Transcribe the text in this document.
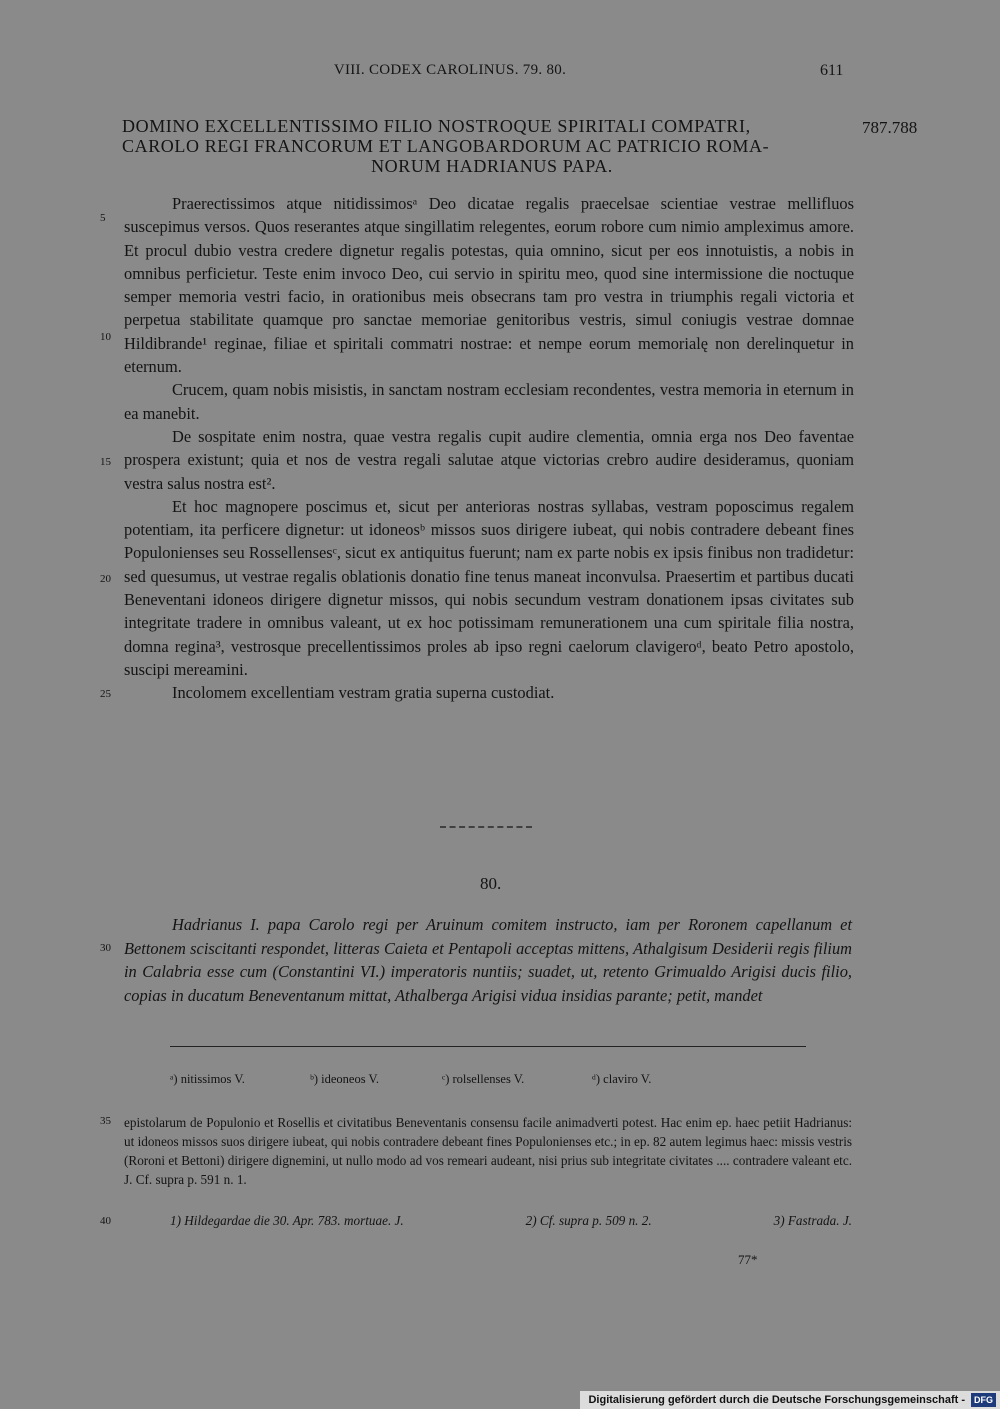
VIII. CODEX CAROLINUS. 79. 80.	611
DOMINO EXCELLENTISSIMO FILIO NOSTROQUE SPIRITALI COMPATRI,
CAROLO REGI FRANCORUM ET LANGOBARDORUM AC PATRICIO ROMA-
NORUM HADRIANUS PAPA.
787.788
5
10
15
20
25
30
35
40

Praerectissimos atque nitidissimosᵃ Deo dicatae regalis praecelsae scientiae vestrae mellifluos suscepimus versos. Quos reserantes atque singillatim relegentes, eorum robore cum nimio ampleximus amore. Et procul dubio vestra credere dignetur regalis potestas, quia omnino, sicut per eos innotuistis, a nobis in omnibus perficietur. Teste enim invoco Deo, cui servio in spiritu meo, quod sine intermissione die noctuque semper memoria vestri facio, in orationibus meis obsecrans tam pro vestra in triumphis regali victoria et perpetua stabilitate quamque pro sanctae memoriae genitoribus vestris, simul coniugis vestrae domnae Hildibrande¹ reginae, filiae et spiritali commatri nostrae: et nempe eorum memorialę non derelinquetur in eternum.

Crucem, quam nobis misistis, in sanctam nostram ecclesiam recondentes, vestra memoria in eternum in ea manebit.

De sospitate enim nostra, quae vestra regalis cupit audire clementia, omnia erga nos Deo faventae prospera existunt; quia et nos de vestra regali salutae atque victorias crebro audire desideramus, quoniam vestra salus nostra est².

Et hoc magnopere poscimus et, sicut per anterioras nostras syllabas, vestram poposcimus regalem potentiam, ita perficere dignetur: ut idoneosᵇ missos suos dirigere iubeat, qui nobis contradere debeant fines Populonienses seu Rossellensesᶜ, sicut ex antiquitus fuerunt; nam ex parte nobis ex ipsis finibus non tradidetur: sed quesumus, ut vestrae regalis oblationis donatio fine tenus maneat inconvulsa. Praesertim et partibus ducati Beneventani idoneos dirigere dignetur missos, qui nobis secundum vestram donationem ipsas civitates sub integritate tradere in omnibus valeant, ut ex hoc potissimam remunerationem una cum spiritale filia nostra, domna regina³, vestrosque precellentissimos proles ab ipso regni caelorum clavigeroᵈ, beato Petro apostolo, suscipi mereamini.

Incolomem excellentiam vestram gratia superna custodiat.

80.

Hadrianus I. papa Carolo regi per Aruinum comitem instructo, iam per Roronem capellanum et Bettonem sciscitanti respondet, litteras Caieta et Pentapoli acceptas mittens, Athalgisum Desiderii regis filium in Calabria esse cum (Constantini VI.) imperatoris nuntiis; suadet, ut, retento Grimualdo Arigisi ducis filio, copias in ducatum Beneventanum mittat, Athalberga Arigisi vidua insidias parante; petit, mandet

ᵃ) nitissimos V.	ᵇ) ideoneos V.	ᶜ) rolsellenses V.	ᵈ) claviro V.

epistolarum de Populonio et Rosellis et civitatibus Beneventanis consensu facile animadverti potest. Hac enim ep. haec petiit Hadrianus: ut idoneos missos suos dirigere iubeat, qui nobis contradere debeant fines Populonienses etc.; in ep. 82 autem legimus haec: missis vestris (Roroni et Bettoni) dirigere dignemini, ut nullo modo ad vos remeari audeant, nisi prius sub integritate civitates .... contradere valeant etc. J. Cf. supra p. 591 n. 1.

1) Hildegardae die 30. Apr. 783. mortuae. J.	2) Cf. supra p. 509 n. 2.	3) Fastrada. J.
77*
Digitalisierung gefördert durch die Deutsche Forschungsgemeinschaft -	DFG
